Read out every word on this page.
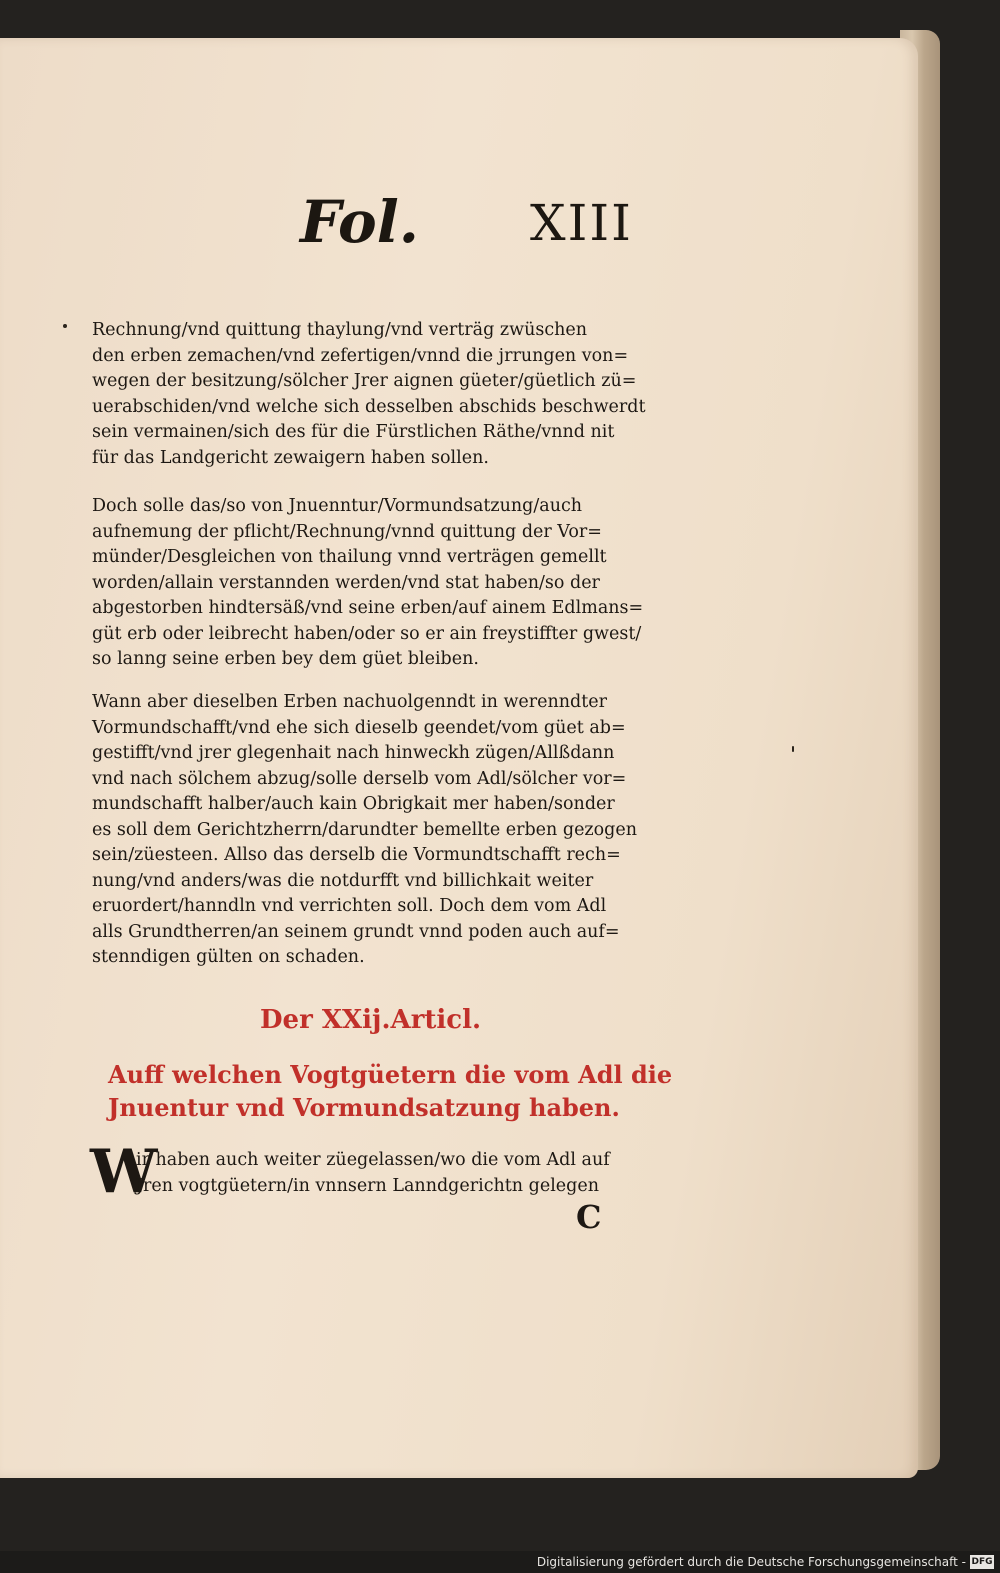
Fol. XIII
Rechnung/vnd quittung thaylung/vnd verträg zwüschen
den erben zemachen/vnd zefertigen/vnnd die jrrungen von=
wegen der besitzung/sölcher Jrer aignen güeter/güetlich zü=
uerabschiden/vnd welche sich desselben abschids beschwerdt
sein vermainen/sich des für die Fürstlichen Räthe/vnnd nit
für das Landgericht zewaigern haben sollen.
Doch solle das/so von Jnuenntur/Vormundsatzung/auch
aufnemung der pflicht/Rechnung/vnnd quittung der Vor=
münder/Desgleichen von thailung vnnd verträgen gemellt
worden/allain verstannden werden/vnd stat haben/so der
abgestorben hindtersäß/vnd seine erben/auf ainem Edlmans=
güt erb oder leibrecht haben/oder so er ain freystiffter gwest/
so lanng seine erben bey dem güet bleiben.
Wann aber dieselben Erben nachuolgenndt in werenndter
Vormundschafft/vnd ehe sich dieselb geendet/vom güet ab=
gestifft/vnd jrer glegenhait nach hinweckh zügen/Allßdann
vnd nach sölchem abzug/solle derselb vom Adl/sölcher vor=
mundschafft halber/auch kain Obrigkait mer haben/sonder
es soll dem Gerichtzherrn/darundter bemellte erben gezogen
sein/züesteen. Allso das derselb die Vormundtschafft rech=
nung/vnd anders/was die notdurfft vnd billichkait weiter
eruordert/hanndln vnd verrichten soll. Doch dem vom Adl
alls Grundtherren/an seinem grundt vnnd poden auch auf=
stenndigen gülten on schaden.
Der XXij.Articl.
Auff welchen Vogtgüetern die vom Adl die
Jnuentur vnd Vormundsatzung haben.
W
ir haben auch weiter züegelassen/wo die vom Adl auf
Jren vogtgüetern/in vnnsern Lanndgerichtn gelegen
C
Digitalisierung gefördert durch die Deutsche Forschungsgemeinschaft - DFG
